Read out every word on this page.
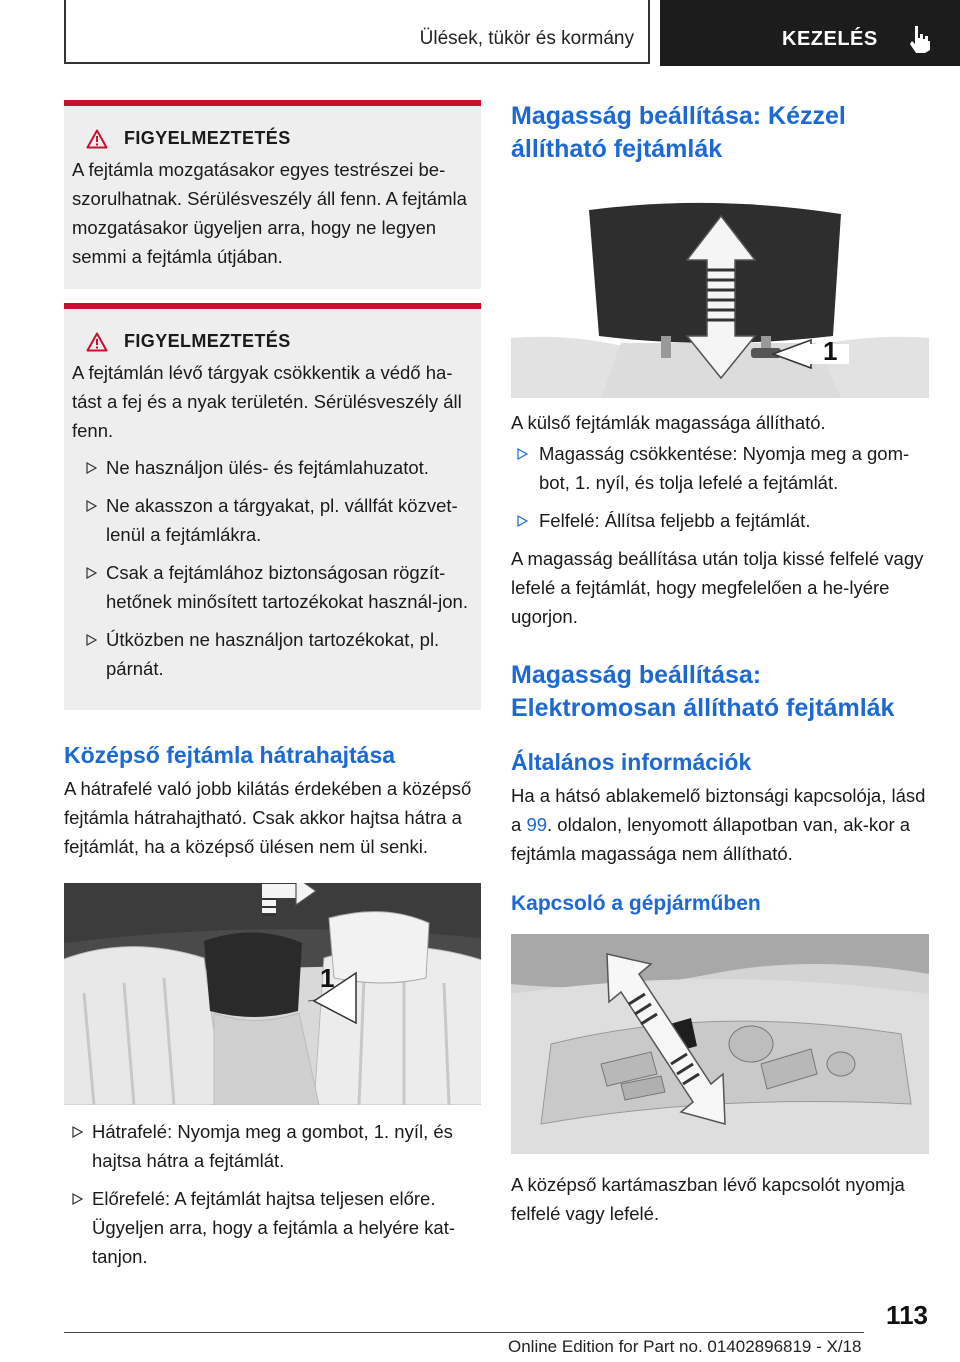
Ülések, tükör és kormány	KEZELÉS
FIGYELMEZTETÉS

A fejtámla mozgatásakor egyes testrészei be-szorulhatnak. Sérülésveszély áll fenn. A fejtámla mozgatásakor ügyeljen arra, hogy ne legyen semmi a fejtámla útjában.

FIGYELMEZTETÉS

A fejtámlán lévő tárgyak csökkentik a védő ha-tást a fej és a nyak területén. Sérülésveszély áll fenn.

Ne használjon ülés- és fejtámlahuzatot.
Ne akasszon a tárgyakat, pl. vállfát közvet-lenül a fejtámlákra.
Csak a fejtámlához biztonságosan rögzít-hetőnek minősített tartozékokat használ-jon.
Útközben ne használjon tartozékokat, pl. párnát.
Középső fejtámla hátrahajtása

A hátrafelé való jobb kilátás érdekében a középső fejtámla hátrahajtható. Csak akkor hajtsa hátra a fejtámlát, ha a középső ülésen nem ül senki.

1
Hátrafelé: Nyomja meg a gombot, 1. nyíl, és hajtsa hátra a fejtámlát.
Előrefelé: A fejtámlát hajtsa teljesen előre. Ügyeljen arra, hogy a fejtámla a helyére kat-tanjon.
Magasság beállítása: Kézzel állítható fejtámlák
1

A külső fejtámlák magassága állítható.

Magasság csökkentése: Nyomja meg a gom-bot, 1. nyíl, és tolja lefelé a fejtámlát.
Felfelé: Állítsa feljebb a fejtámlát.

A magasság beállítása után tolja kissé felfelé vagy lefelé a fejtámlát, hogy megfelelően a he-lyére ugorjon.

Magasság beállítása: Elektromosan állítható fejtámlák
Általános információk

Ha a hátsó ablakemelő biztonsági kapcsolója, lásd a 99. oldalon, lenyomott állapotban van, ak-kor a fejtámla magassága nem állítható.

Kapcsoló a gépjárműben

A középső kartámaszban lévő kapcsolót nyomja felfelé vagy lefelé.

113
Online Edition for Part no. 01402896819 - X/18
